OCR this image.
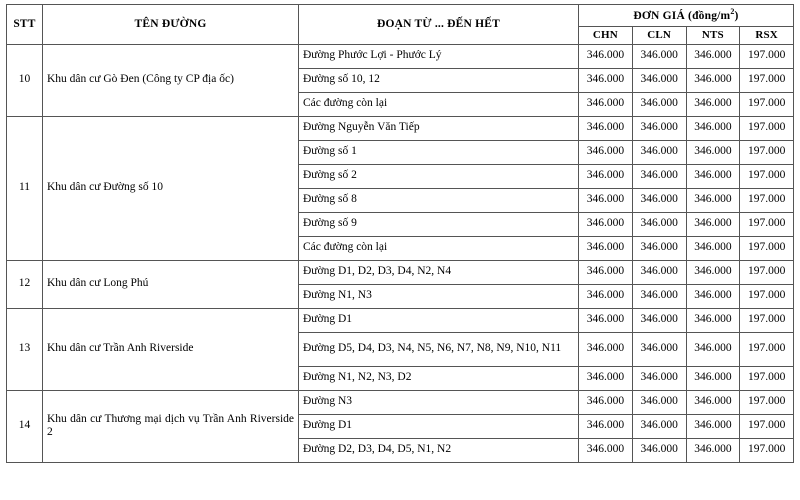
STT	TÊN ĐƯỜNG	ĐOẠN TỪ ... ĐẾN HẾT	ĐƠN GIÁ $(đồng/m^2)$			
			CHN	CLN	NTS	RSX
10	Khu dân cư Gò Đen (Công ty CP địa ốc)	Đường Phước Lợi - Phước Lý	346.000	346.000	346.000	197.000
		Đường số 10, 12	346.000	346.000	346.000	197.000
		Các đường còn lại	346.000	346.000	346.000	197.000
11	Khu dân cư Đường số 10	Đường Nguyễn Văn Tiếp	346.000	346.000	346.000	197.000
		Đường số 1	346.000	346.000	346.000	197.000
		Đường số 2	346.000	346.000	346.000	197.000
		Đường số 8	346.000	346.000	346.000	197.000
		Đường số 9	346.000	346.000	346.000	197.000
		Các đường còn lại	346.000	346.000	346.000	197.000
12	Khu dân cư Long Phú	Đường D1, D2, D3, D4, N2, N4	346.000	346.000	346.000	197.000
		Đường N1, N3	346.000	346.000	346.000	197.000
13	Khu dân cư Trần Anh Riverside	Đường D1	346.000	346.000	346.000	197.000
		Đường D5, D4, D3, N4, N5, N6, N7, N8, N9, N10, N11	346.000	346.000	346.000	197.000
		Đường N1, N2, N3, D2	346.000	346.000	346.000	197.000
14	Khu dân cư Thương mại dịch vụ Trần Anh Riverside 2	Đường N3	346.000	346.000	346.000	197.000
		Đường D1	346.000	346.000	346.000	197.000
		Đường D2, D3, D4, D5, N1, N2	346.000	346.000	346.000	197.000
